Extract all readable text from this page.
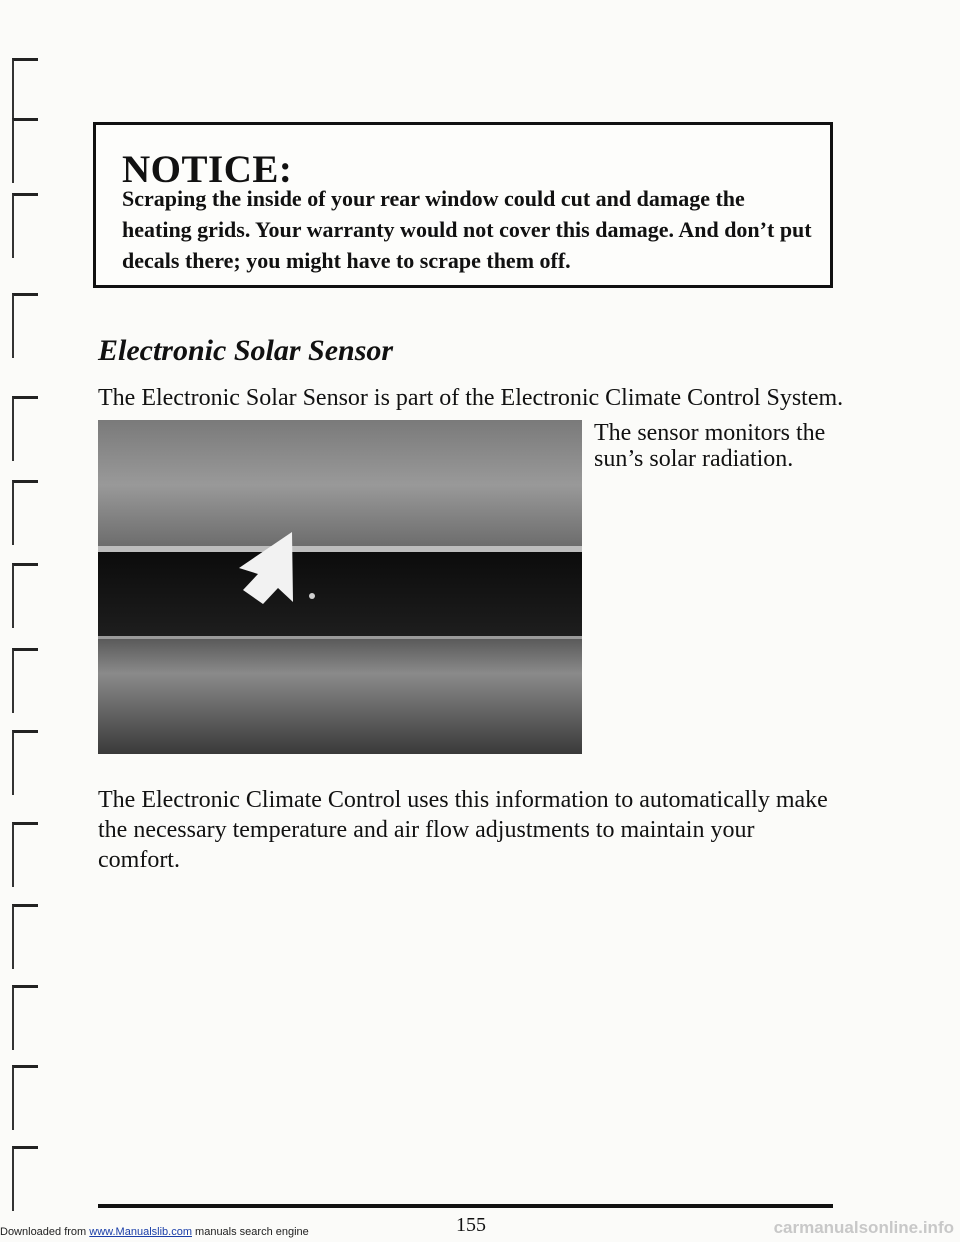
NOTICE:
Scraping the inside of your rear window could cut and damage the heating grids. Your warranty would not cover this damage. And don’t put decals there; you might have to scrape them off.
Electronic Solar Sensor
The Electronic Solar Sensor is part of the Electronic Climate Control System.
The sensor monitors the sun’s solar radiation.
The Electronic Climate Control uses this information to automatically make the necessary temperature and air flow adjustments to maintain your comfort.
155
Downloaded from www.Manualslib.com manuals search engine	carmanualsonline.info
